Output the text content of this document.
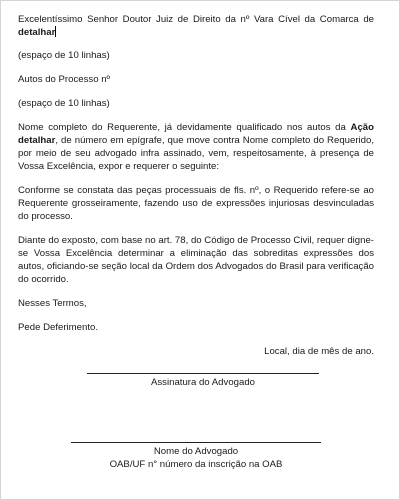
Excelentíssimo Senhor Doutor Juiz de Direito da nº Vara Cível da Comarca de detalhar

(espaço de 10 linhas)

Autos do Processo nº

(espaço de 10 linhas)

Nome completo do Requerente, já devidamente qualificado nos autos da Ação detalhar, de número em epígrafe, que move contra Nome completo do Requerido, por meio de seu advogado infra assinado, vem, respeitosamente, à presença de Vossa Excelência, expor e requerer o seguinte:

Conforme se constata das peças processuais de fls. nº, o Requerido refere-se ao Requerente grosseiramente, fazendo uso de expressões injuriosas desvinculadas do processo.

Diante do exposto, com base no art. 78, do Código de Processo Civil, requer digne-se Vossa Excelência determinar a eliminação das sobreditas expressões dos autos, oficiando-se seção local da Ordem dos Advogados do Brasil para verificação do ocorrido.

Nesses Termos,

Pede Deferimento.

Local, dia de mês de ano.

Assinatura do Advogado
Nome do Advogado
OAB/UF n° número da inscrição na OAB
